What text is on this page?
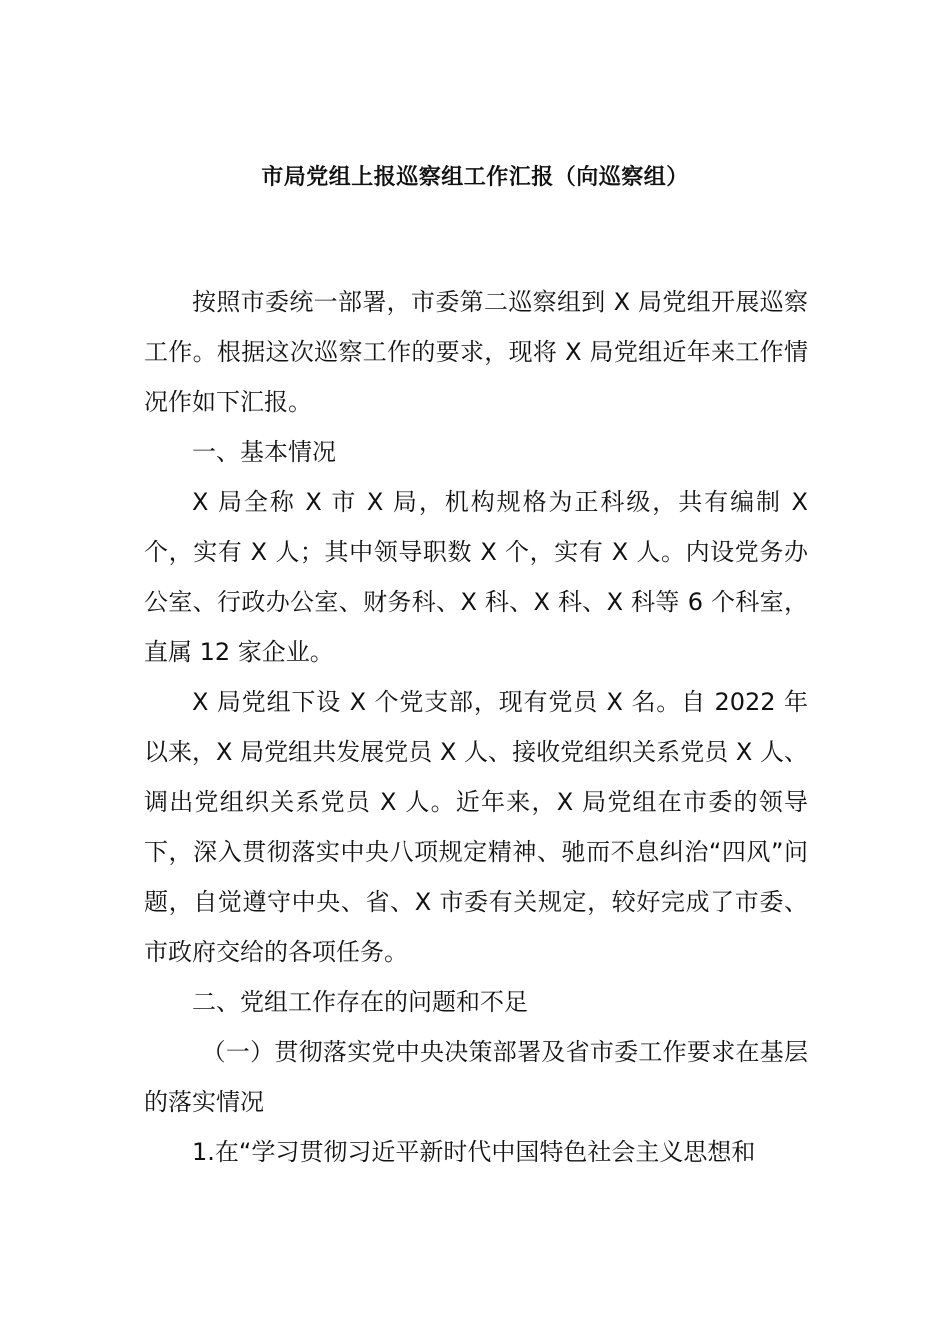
市局党组上报巡察组工作汇报（向巡察组）

按照市委统一部署，市委第二巡察组到 X 局党组开展巡察工作。根据这次巡察工作的要求，现将 X 局党组近年来工作情况作如下汇报。

一、基本情况

X 局全称 X 市 X 局，机构规格为正科级，共有编制 X 个，实有 X 人；其中领导职数 X 个，实有 X 人。内设党务办公室、行政办公室、财务科、X 科、X 科、X 科等 6 个科室，直属 12 家企业。

X 局党组下设 X 个党支部，现有党员 X 名。自 2022 年以来，X 局党组共发展党员 X 人、接收党组织关系党员 X 人、调出党组织关系党员 X 人。近年来，X 局党组在市委的领导下，深入贯彻落实中央八项规定精神、驰而不息纠治“四风”问题，自觉遵守中央、省、X 市委有关规定，较好完成了市委、市政府交给的各项任务。

二、党组工作存在的问题和不足

（一）贯彻落实党中央决策部署及省市委工作要求在基层的落实情况

1.在“学习贯彻习近平新时代中国特色社会主义思想和
